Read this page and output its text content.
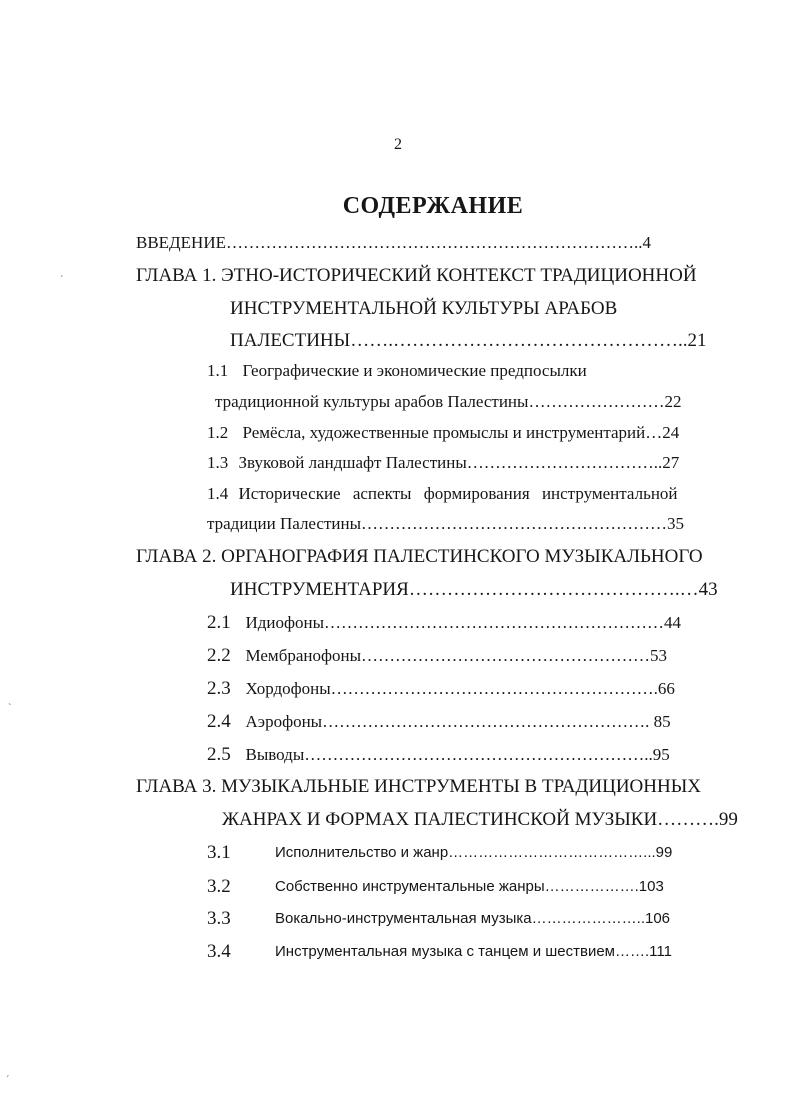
2
СОДЕРЖАНИЕ
ВВЕДЕНИЕ………………………………………………………………..4
ГЛАВА 1. ЭТНО-ИСТОРИЧЕСКИЙ КОНТЕКСТ ТРАДИЦИОННОЙ
ИНСТРУМЕНТАЛЬНОЙ КУЛЬТУРЫ АРАБОВ
ПАЛЕСТИНЫ…….………………………………………..21
1.1 Географические и экономические предпосылки
традиционной культуры арабов Палестины……………………22
1.2 Ремёсла, художественные промыслы и инструментарий…24
1.3 Звуковой ландшафт Палестины……………………………..27
1.4 Исторические аспекты формирования инструментальной
традиции Палестины………………………………………………35
ГЛАВА 2. ОРГАНОГРАФИЯ ПАЛЕСТИНСКОГО МУЗЫКАЛЬНОГО
ИНСТРУМЕНТАРИЯ…………………………………….…43
2.1 Идиофоны……………………………………………………44
2.2 Мембранофоны……………………………………………53
2.3 Хордофоны………………………………………………….66
2.4 Аэрофоны…………………………………………………. 85
2.5 Выводы……………………………………………………..95
ГЛАВА 3. МУЗЫКАЛЬНЫЕ ИНСТРУМЕНТЫ В ТРАДИЦИОННЫХ
ЖАНРАХ И ФОРМАХ ПАЛЕСТИНСКОЙ МУЗЫКИ……….99
3.1	Исполнительство и жанр…………………………………...99
3.2	Собственно инструментальные жанры……………….103
3.3	Вокально-инструментальная музыка…………………..106
3.4	Инструментальная музыка с танцем и шествием…….111
ˊ
ˋ
ˊ
